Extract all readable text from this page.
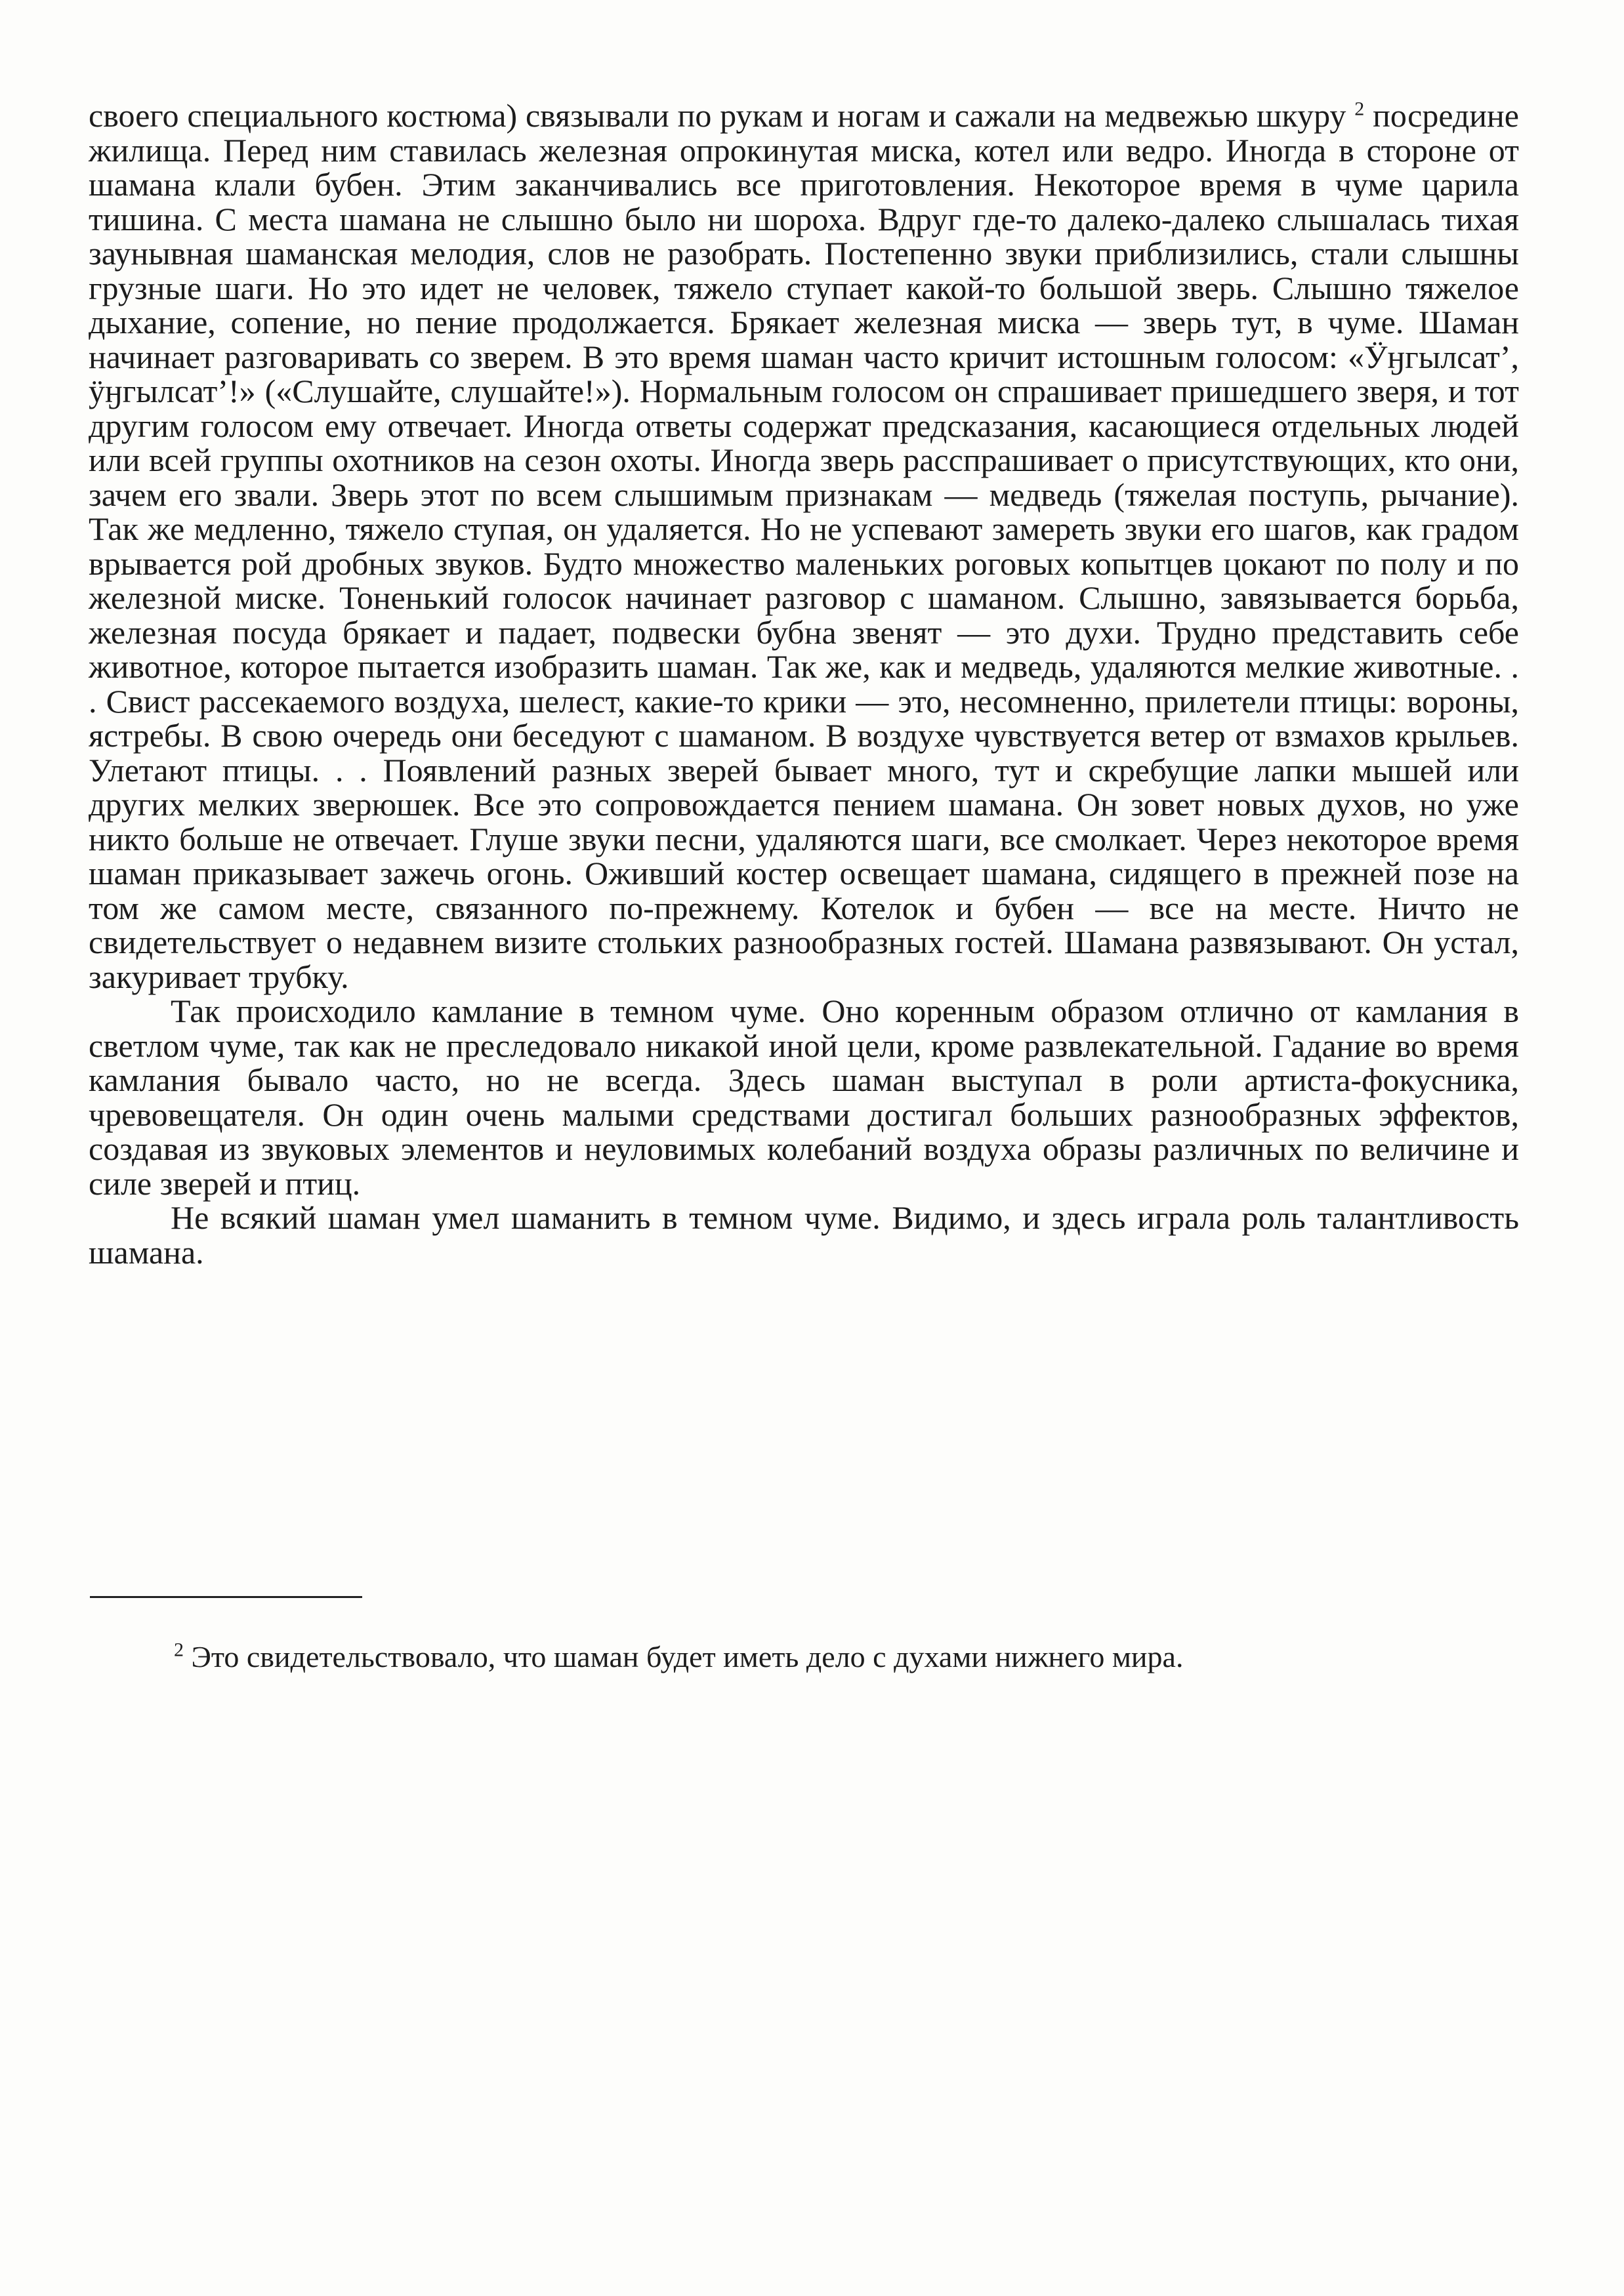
своего специального костюма) связывали по рукам и ногам и сажали на медвежью шкуру $^2$ посредине жилища. Перед ним ставилась железная опрокинутая миска, котел или ведро. Иногда в стороне от шамана клали бубен. Этим заканчивались все приготовления. Некоторое время в чуме царила тишина. С места шамана не слышно было ни шороха. Вдруг где-то далеко-далеко слышалась тихая заунывная шаманская мелодия, слов не разобрать. Постепенно звуки приблизились, стали слышны грузные шаги. Но это идет не человек, тяжело ступает какой-то большой зверь. Слышно тяжелое дыхание, сопение, но пение продолжается. Брякает железная миска — зверь тут, в чуме. Шаман начинает разговаривать со зверем. В это время шаман часто кричит истошным голосом: «Ӱӈгылсат’, ӱӈгылсат’!» («Слушайте, слушайте!»). Нормальным голосом он спрашивает пришедшего зверя, и тот другим голосом ему отвечает. Иногда ответы содержат предсказания, касающиеся отдельных людей или всей группы охотников на сезон охоты. Иногда зверь расспрашивает о присутствующих, кто они, зачем его звали. Зверь этот по всем слышимым признакам — медведь (тяжелая поступь, рычание). Так же медленно, тяжело ступая, он удаляется. Но не успевают замереть звуки его шагов, как градом врывается рой дробных звуков. Будто множество маленьких роговых копытцев цокают по полу и по железной миске. Тоненький голосок начинает разговор с шаманом. Слышно, завязывается борьба, железная посуда брякает и падает, подвески бубна звенят — это духи. Трудно представить себе животное, которое пытается изобразить шаман. Так же, как и медведь, удаляются мелкие животные. . . Свист рассекаемого воздуха, шелест, какие-то крики — это, несомненно, прилетели птицы: вороны, ястребы. В свою очередь они беседуют с шаманом. В воздухе чувствуется ветер от взмахов крыльев. Улетают птицы. . . Появлений разных зверей бывает много, тут и скребущие лапки мышей или других мелких зверюшек. Все это сопровождается пением шамана. Он зовет новых духов, но уже никто больше не отвечает. Глуше звуки песни, удаляются шаги, все смолкает. Через некоторое время шаман приказывает зажечь огонь. Оживший костер освещает шамана, сидящего в прежней позе на том же самом месте, связанного по-прежнему. Котелок и бубен — все на месте. Ничто не свидетельствует о недавнем визите стольких разнообразных гостей. Шамана развязывают. Он устал, закуривает трубку.

Так происходило камлание в темном чуме. Оно коренным образом отлично от камлания в светлом чуме, так как не преследовало никакой иной цели, кроме развлекательной. Гадание во время камлания бывало часто, но не всегда. Здесь шаман выступал в роли артиста-фокусника, чревовещателя. Он один очень малыми средствами достигал больших разнообразных эффектов, создавая из звуковых элементов и неуловимых колебаний воздуха образы различных по величине и силе зверей и птиц.

Не всякий шаман умел шаманить в темном чуме. Видимо, и здесь играла роль талантливость шамана.

$^2$ Это свидетельствовало, что шаман будет иметь дело с духами нижнего мира.
